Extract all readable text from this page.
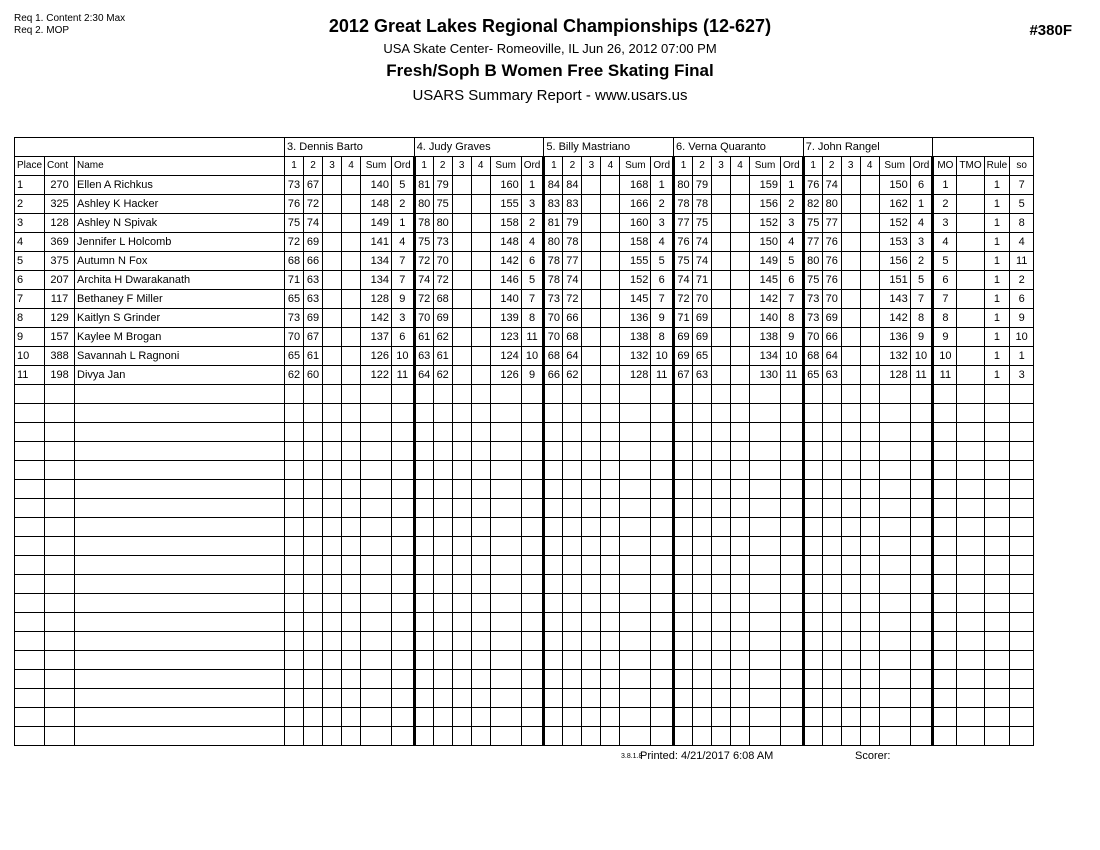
Req 1. Content 2:30 Max
Req 2. MOP	2012 Great Lakes Regional Championships (12-627)
USA Skate Center- Romeoville, IL Jun 26, 2012 07:00 PM
Fresh/Soph B Women Free Skating Final
USARS Summary Report - www.usars.us
#380F
			3. Dennis Barto						4. Judy Graves						5. Billy Mastriano						6. Verna Quaranto						7. John Rangel									
Place	Cont	Name	1	2	3	4	Sum	Ord	1	2	3	4	Sum	Ord	1	2	3	4	Sum	Ord	1	2	3	4	Sum	Ord	1	2	3	4	Sum	Ord	MO	TMO	Rule	so
1	270	Ellen A Richkus	73	67			140	5	81	79			160	1	84	84			168	1	80	79			159	1	76	74			150	6	1		1	7
2	325	Ashley K Hacker	76	72			148	2	80	75			155	3	83	83			166	2	78	78			156	2	82	80			162	1	2		1	5
3	128	Ashley N Spivak	75	74			149	1	78	80			158	2	81	79			160	3	77	75			152	3	75	77			152	4	3		1	8
4	369	Jennifer L Holcomb	72	69			141	4	75	73			148	4	80	78			158	4	76	74			150	4	77	76			153	3	4		1	4
5	375	Autumn N Fox	68	66			134	7	72	70			142	6	78	77			155	5	75	74			149	5	80	76			156	2	5		1	11
6	207	Archita H Dwarakanath	71	63			134	7	74	72			146	5	78	74			152	6	74	71			145	6	75	76			151	5	6		1	2
7	117	Bethaney F Miller	65	63			128	9	72	68			140	7	73	72			145	7	72	70			142	7	73	70			143	7	7		1	6
8	129	Kaitlyn S Grinder	73	69			142	3	70	69			139	8	70	66			136	9	71	69			140	8	73	69			142	8	8		1	9
9	157	Kaylee M Brogan	70	67			137	6	61	62			123	11	70	68			138	8	69	69			138	9	70	66			136	9	9		1	10
10	388	Savannah L Ragnoni	65	61			126	10	63	61			124	10	68	64			132	10	69	65			134	10	68	64			132	10	10		1	1
11	198	Divya Jan	62	60			122	11	64	62			126	9	66	62			128	11	67	63			130	11	65	63			128	11	11		1	3

3.8.1.8
Printed: 4/21/2017 6:08 AM	Scorer:
